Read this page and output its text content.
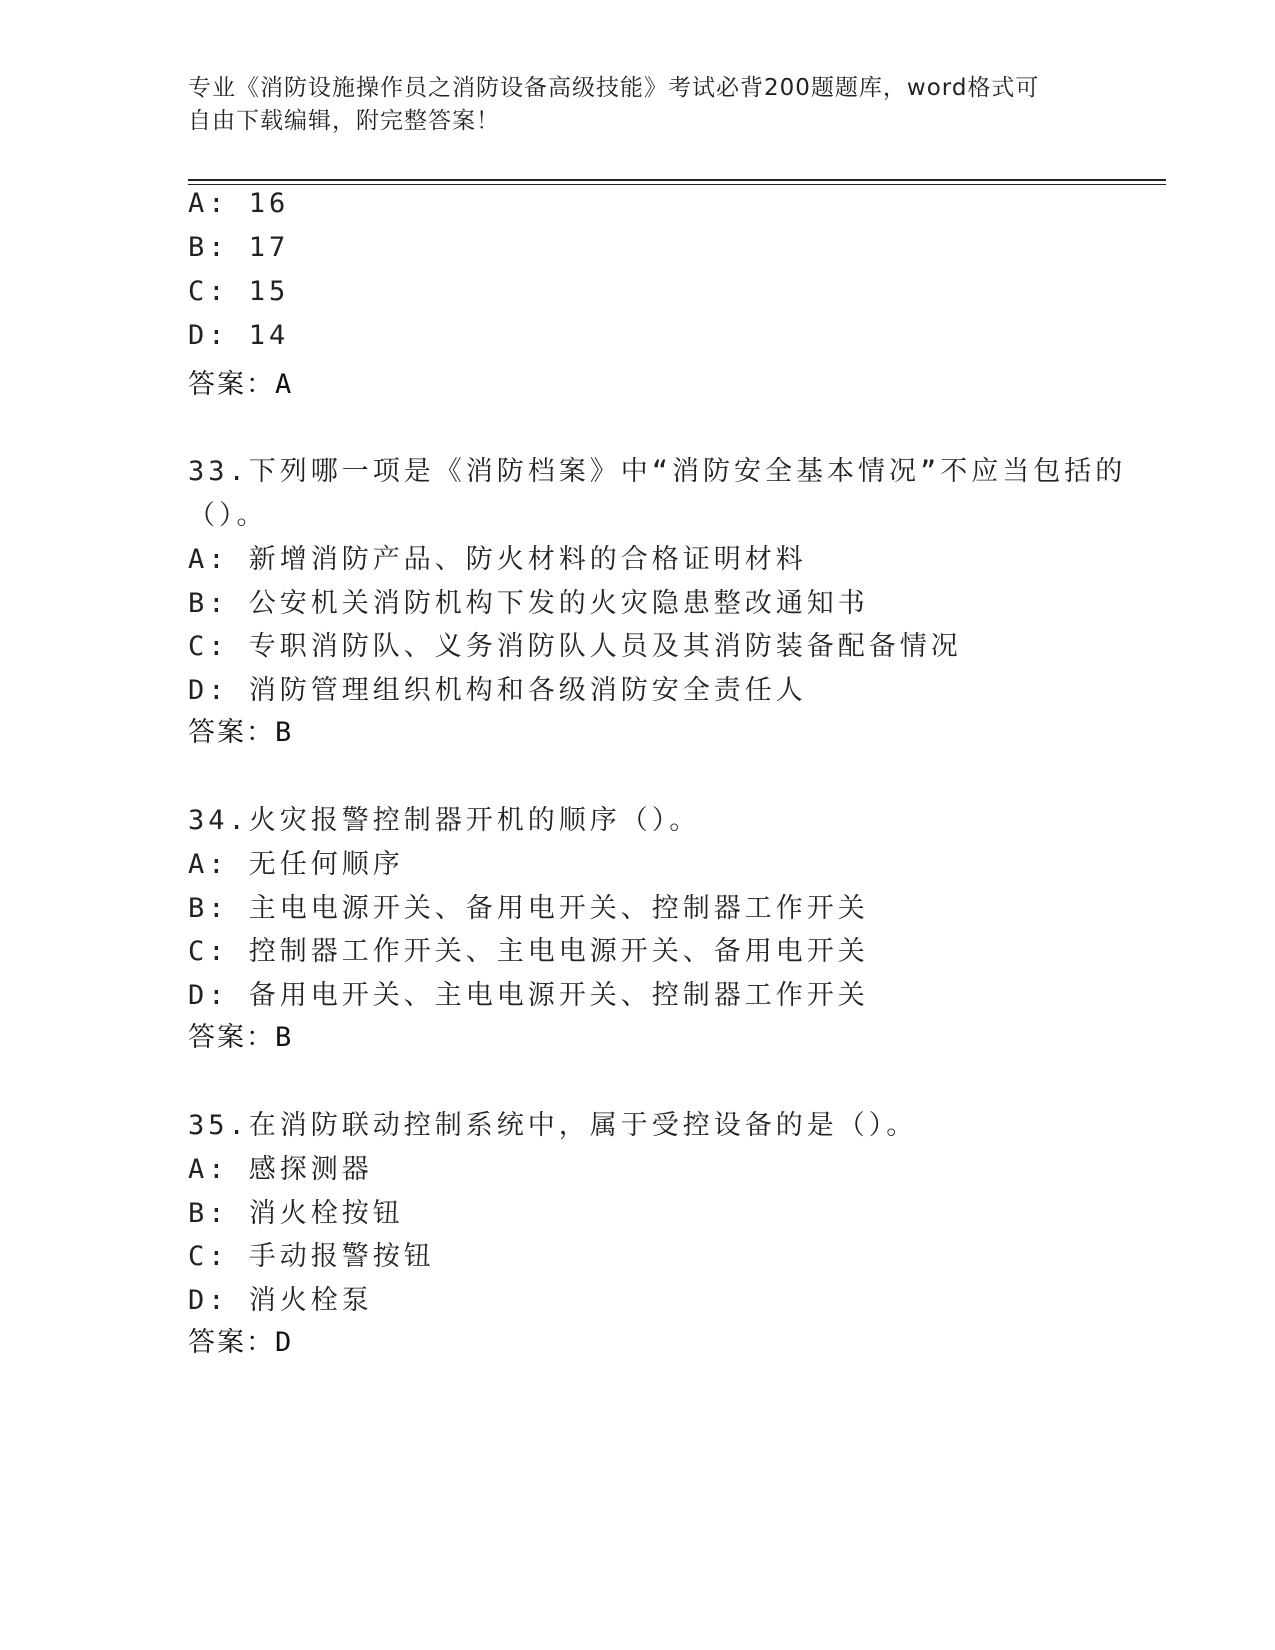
专业《消防设施操作员之消防设备高级技能》考试必背200题题库，word格式可
自由下载编辑，附完整答案！
A: 16
B: 17
C: 15
D: 14
答案：A
33.下列哪一项是《消防档案》中“消防安全基本情况”不应当包括的
（）。
A: 新增消防产品、防火材料的合格证明材料
B: 公安机关消防机构下发的火灾隐患整改通知书
C: 专职消防队、义务消防队人员及其消防装备配备情况
D: 消防管理组织机构和各级消防安全责任人
答案：B
34.火灾报警控制器开机的顺序（）。
A: 无任何顺序
B: 主电电源开关、备用电开关、控制器工作开关
C: 控制器工作开关、主电电源开关、备用电开关
D: 备用电开关、主电电源开关、控制器工作开关
答案：B
35.在消防联动控制系统中，属于受控设备的是（）。
A: 感探测器
B: 消火栓按钮
C: 手动报警按钮
D: 消火栓泵
答案：D
